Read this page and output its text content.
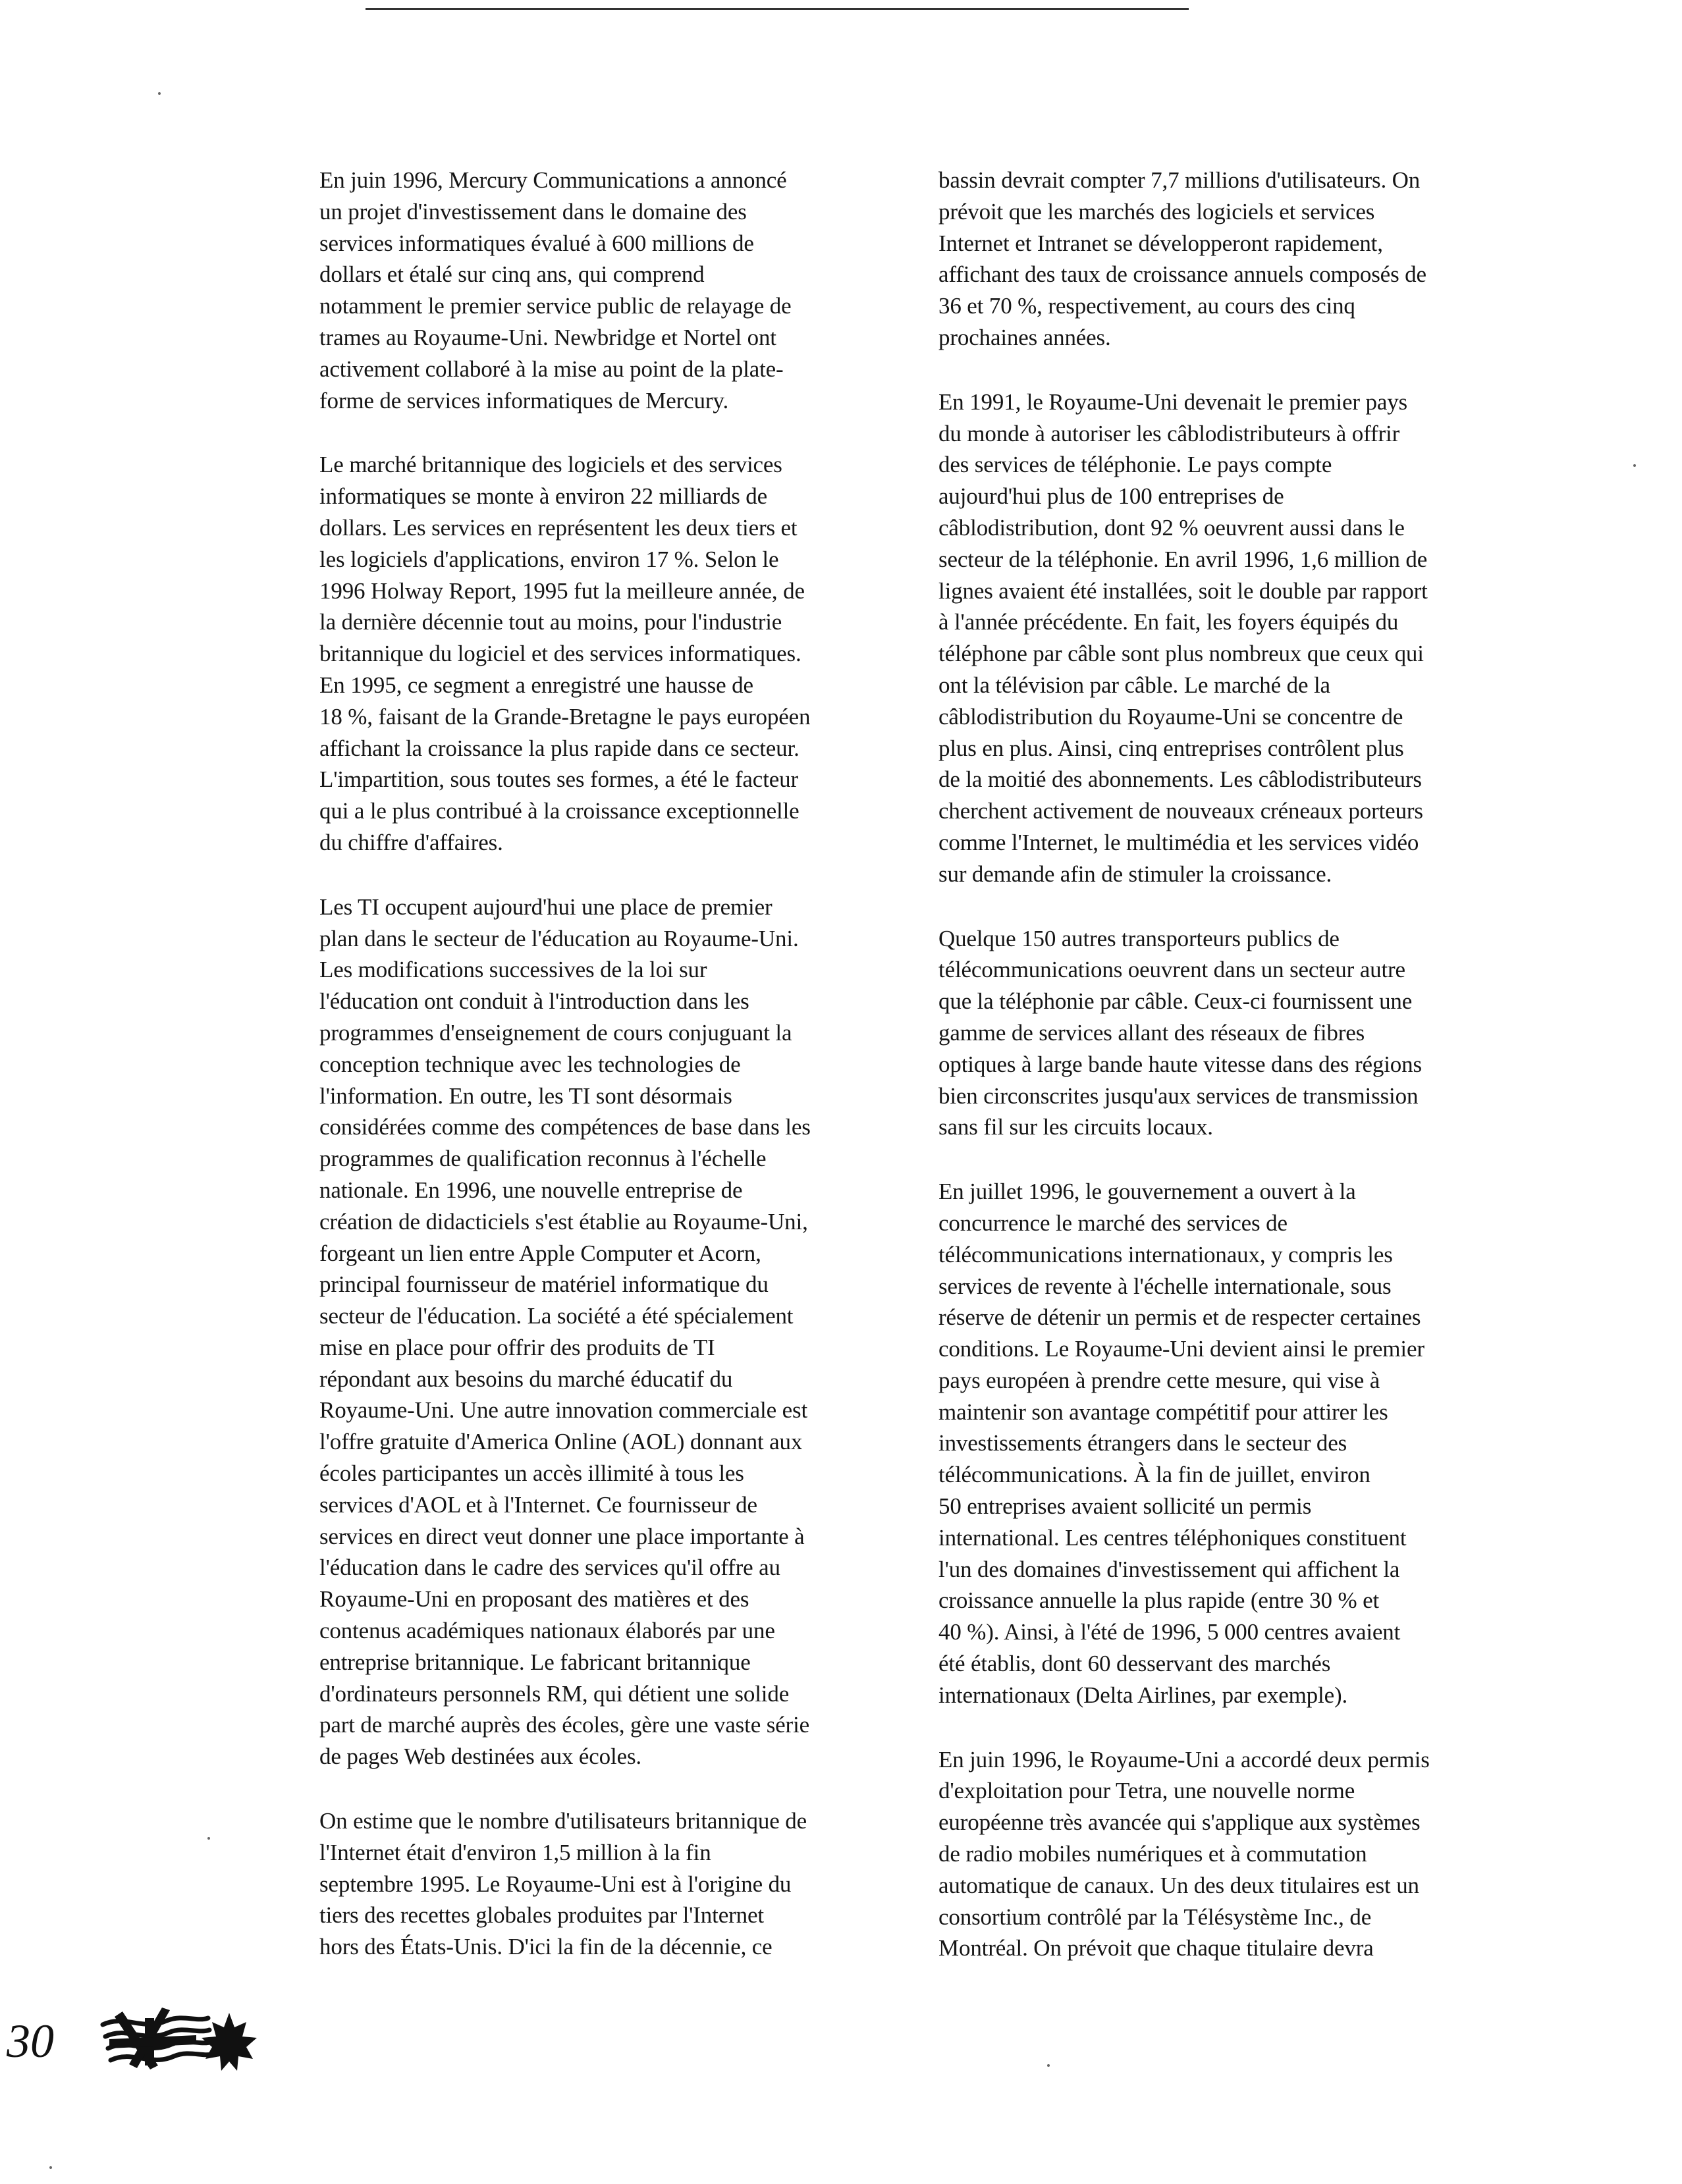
En juin 1996, Mercury Communications a annoncé
un projet d'investissement dans le domaine des
services informatiques évalué à 600 millions de
dollars et étalé sur cinq ans, qui comprend
notamment le premier service public de relayage de
trames au Royaume-Uni. Newbridge et Nortel ont
activement collaboré à la mise au point de la plate-
forme de services informatiques de Mercury.

Le marché britannique des logiciels et des services
informatiques se monte à environ 22 milliards de
dollars. Les services en représentent les deux tiers et
les logiciels d'applications, environ 17 %. Selon le
1996 Holway Report, 1995 fut la meilleure année, de
la dernière décennie tout au moins, pour l'industrie
britannique du logiciel et des services informatiques.
En 1995, ce segment a enregistré une hausse de
18 %, faisant de la Grande-Bretagne le pays européen
affichant la croissance la plus rapide dans ce secteur.
L'impartition, sous toutes ses formes, a été le facteur
qui a le plus contribué à la croissance exceptionnelle
du chiffre d'affaires.

Les TI occupent aujourd'hui une place de premier
plan dans le secteur de l'éducation au Royaume-Uni.
Les modifications successives de la loi sur
l'éducation ont conduit à l'introduction dans les
programmes d'enseignement de cours conjuguant la
conception technique avec les technologies de
l'information. En outre, les TI sont désormais
considérées comme des compétences de base dans les
programmes de qualification reconnus à l'échelle
nationale. En 1996, une nouvelle entreprise de
création de didacticiels s'est établie au Royaume-Uni,
forgeant un lien entre Apple Computer et Acorn,
principal fournisseur de matériel informatique du
secteur de l'éducation. La société a été spécialement
mise en place pour offrir des produits de TI
répondant aux besoins du marché éducatif du
Royaume-Uni. Une autre innovation commerciale est
l'offre gratuite d'America Online (AOL) donnant aux
écoles participantes un accès illimité à tous les
services d'AOL et à l'Internet. Ce fournisseur de
services en direct veut donner une place importante à
l'éducation dans le cadre des services qu'il offre au
Royaume-Uni en proposant des matières et des
contenus académiques nationaux élaborés par une
entreprise britannique. Le fabricant britannique
d'ordinateurs personnels RM, qui détient une solide
part de marché auprès des écoles, gère une vaste série
de pages Web destinées aux écoles.

On estime que le nombre d'utilisateurs britannique de
l'Internet était d'environ 1,5 million à la fin
septembre 1995. Le Royaume-Uni est à l'origine du
tiers des recettes globales produites par l'Internet
hors des États-Unis. D'ici la fin de la décennie, ce

bassin devrait compter 7,7 millions d'utilisateurs. On
prévoit que les marchés des logiciels et services
Internet et Intranet se développeront rapidement,
affichant des taux de croissance annuels composés de
36 et 70 %, respectivement, au cours des cinq
prochaines années.

En 1991, le Royaume-Uni devenait le premier pays
du monde à autoriser les câblodistributeurs à offrir
des services de téléphonie. Le pays compte
aujourd'hui plus de 100 entreprises de
câblodistribution, dont 92 % oeuvrent aussi dans le
secteur de la téléphonie. En avril 1996, 1,6 million de
lignes avaient été installées, soit le double par rapport
à l'année précédente. En fait, les foyers équipés du
téléphone par câble sont plus nombreux que ceux qui
ont la télévision par câble. Le marché de la
câblodistribution du Royaume-Uni se concentre de
plus en plus. Ainsi, cinq entreprises contrôlent plus
de la moitié des abonnements. Les câblodistributeurs
cherchent activement de nouveaux créneaux porteurs
comme l'Internet, le multimédia et les services vidéo
sur demande afin de stimuler la croissance.

Quelque 150 autres transporteurs publics de
télécommunications oeuvrent dans un secteur autre
que la téléphonie par câble. Ceux-ci fournissent une
gamme de services allant des réseaux de fibres
optiques à large bande haute vitesse dans des régions
bien circonscrites jusqu'aux services de transmission
sans fil sur les circuits locaux.

En juillet 1996, le gouvernement a ouvert à la
concurrence le marché des services de
télécommunications internationaux, y compris les
services de revente à l'échelle internationale, sous
réserve de détenir un permis et de respecter certaines
conditions. Le Royaume-Uni devient ainsi le premier
pays européen à prendre cette mesure, qui vise à
maintenir son avantage compétitif pour attirer les
investissements étrangers dans le secteur des
télécommunications. À la fin de juillet, environ
50 entreprises avaient sollicité un permis
international. Les centres téléphoniques constituent
l'un des domaines d'investissement qui affichent la
croissance annuelle la plus rapide (entre 30 % et
40 %). Ainsi, à l'été de 1996, 5 000 centres avaient
été établis, dont 60 desservant des marchés
internationaux (Delta Airlines, par exemple).

En juin 1996, le Royaume-Uni a accordé deux permis
d'exploitation pour Tetra, une nouvelle norme
européenne très avancée qui s'applique aux systèmes
de radio mobiles numériques et à commutation
automatique de canaux. Un des deux titulaires est un
consortium contrôlé par la Télésystème Inc., de
Montréal. On prévoit que chaque titulaire devra

30
